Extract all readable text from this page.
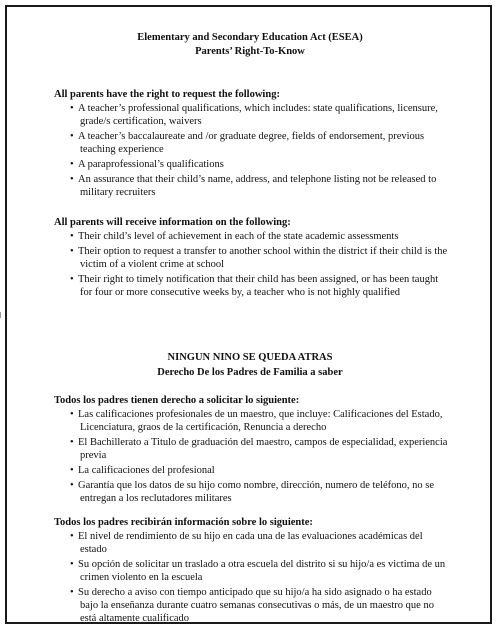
Elementary and Secondary Education Act (ESEA)
Parents’ Right-To-Know
All parents have the right to request the following:
• A teacher’s professional qualifications, which includes: state qualifications, licensure, grade/s certification, waivers
• A teacher’s baccalaureate and /or graduate degree, fields of endorsement, previous teaching experience
• A paraprofessional’s qualifications
• An assurance that their child’s name, address, and telephone listing not be released to military recruiters
All parents will receive information on the following:
• Their child’s level of achievement in each of the state academic assessments
• Their option to request a transfer to another school within the district if their child is the victim of a violent crime at school
• Their right to timely notification that their child has been assigned, or has been taught for four or more consecutive weeks by, a teacher who is not highly qualified
NINGUN NINO SE QUEDA ATRAS
Derecho De los Padres de Familia a saber
Todos los padres tienen derecho a solicitar lo siguiente:
• Las calificaciones profesionales de un maestro, que incluye: Calificaciones del Estado, Licenciatura, graos de la certificación, Renuncia a derecho
• El Bachillerato a Titulo de graduación del maestro, campos de especialidad, experiencia previa
• La calificaciones del profesional
• Garantía que los datos de su hijo como nombre, dirección, numero de teléfono, no se entregan a los reclutadores militares
Todos los padres recibirán información sobre lo siguiente:
• El nivel de rendimiento de su hijo en cada una de las evaluaciones académicas del estado
• Su opción de solicitar un traslado a otra escuela del distrito si su hijo/a es victima de un crimen violento en la escuela
• Su derecho a aviso con tiempo anticipado que su hijo/a ha sido asignado o ha estado bajo la enseñanza durante cuatro semanas consecutivas o más, de un maestro que no está altamente cualificado
